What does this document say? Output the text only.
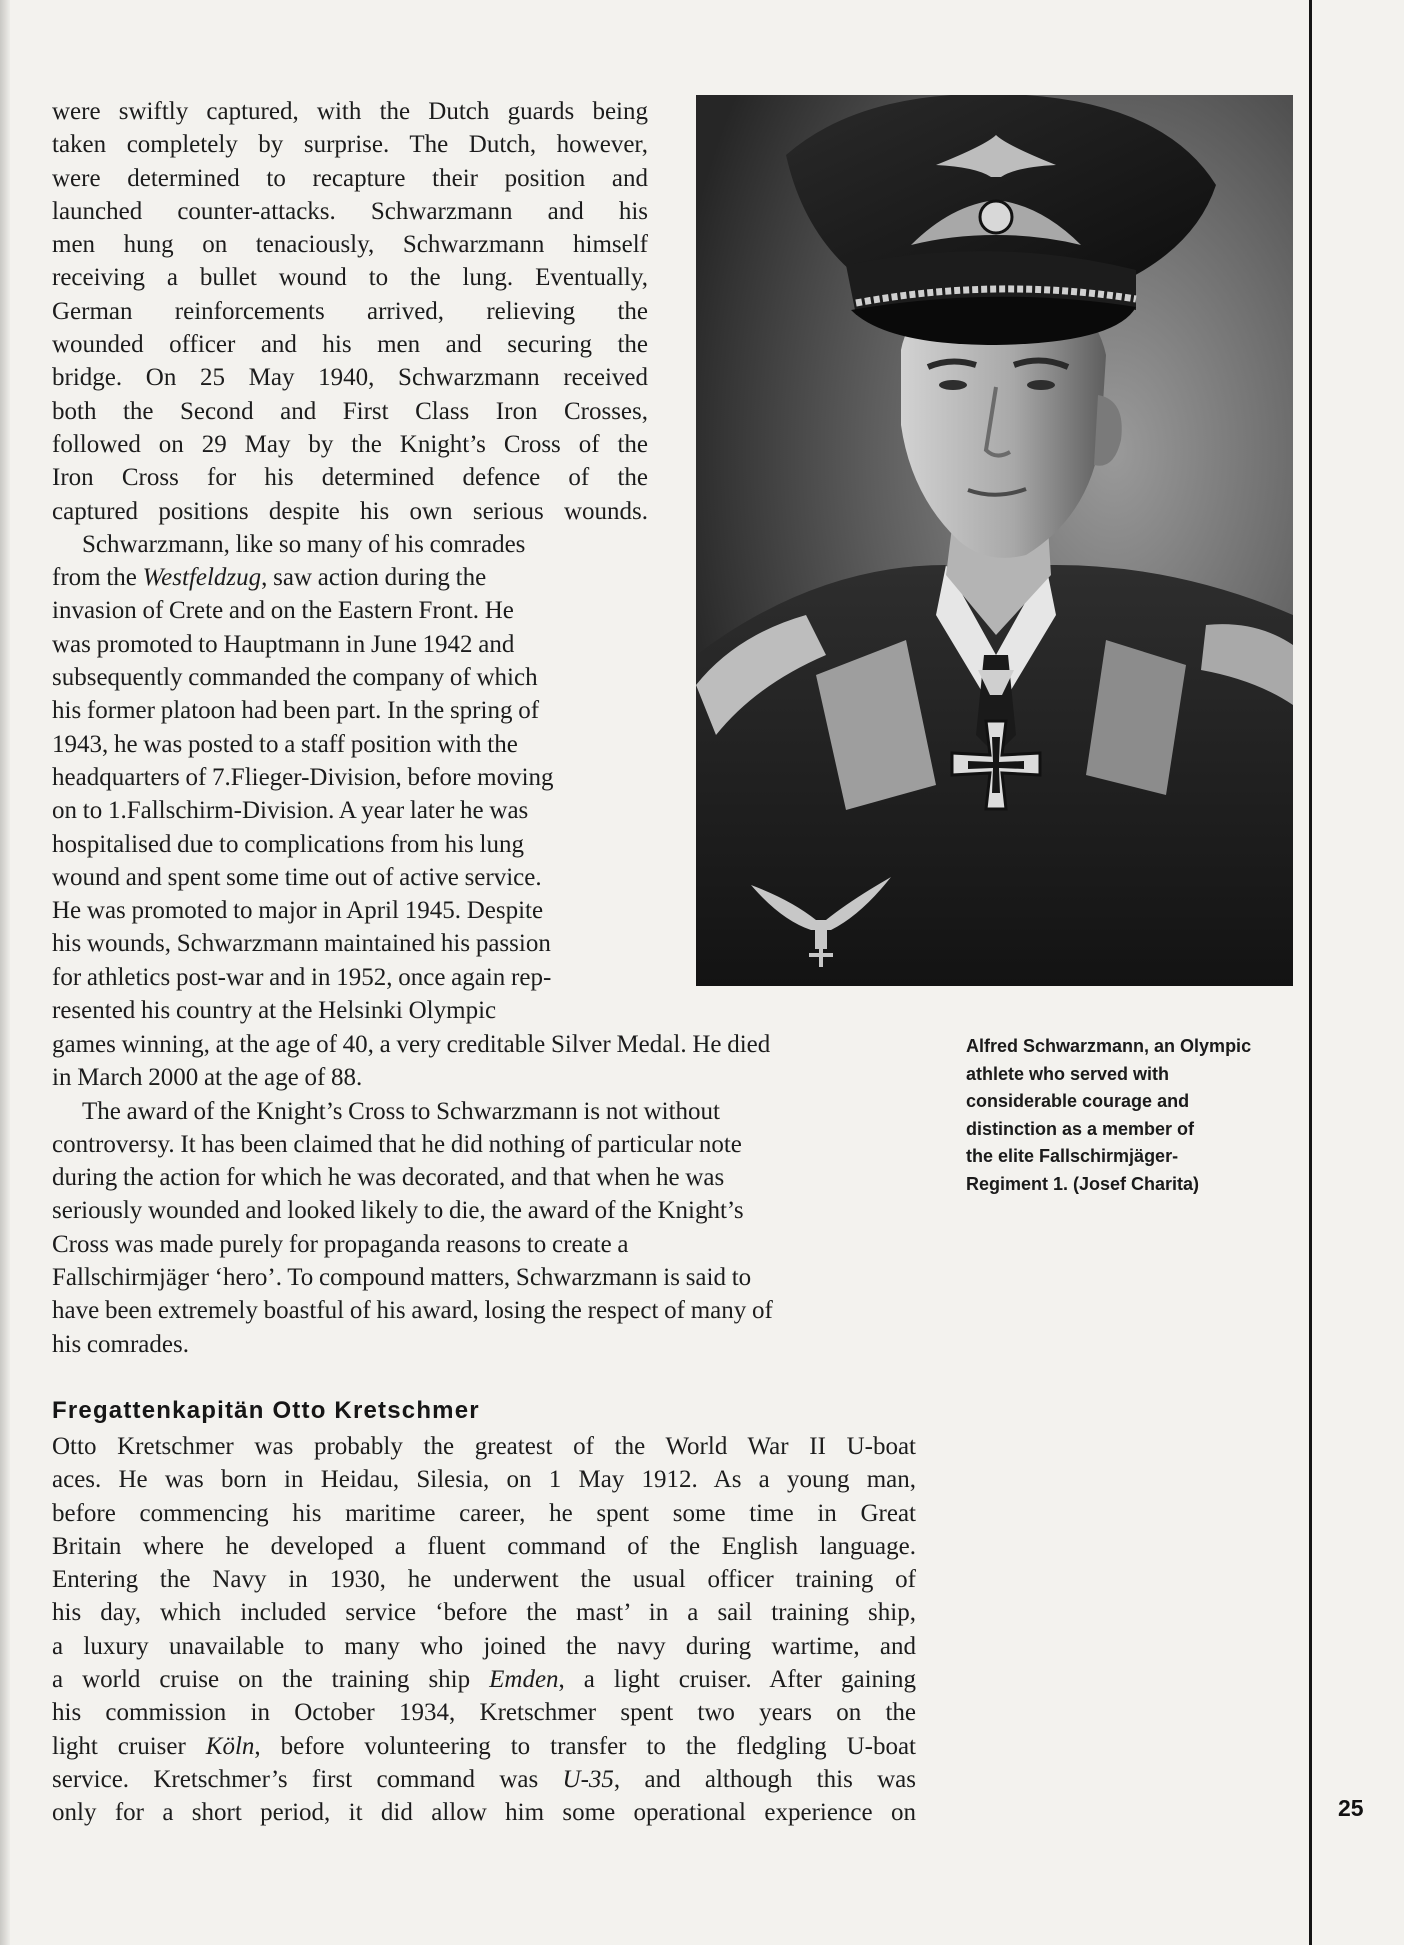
were swiftly captured, with the Dutch guards being
taken completely by surprise. The Dutch, however,
were determined to recapture their position and
launched counter-attacks. Schwarzmann and his
men hung on tenaciously, Schwarzmann himself
receiving a bullet wound to the lung. Eventually,
German reinforcements arrived, relieving the
wounded officer and his men and securing the
bridge. On 25 May 1940, Schwarzmann received
both the Second and First Class Iron Crosses,
followed on 29 May by the Knight’s Cross of the
Iron Cross for his determined defence of the
captured positions despite his own serious wounds.

Schwarzmann, like so many of his comrades
from the Westfeldzug, saw action during the
invasion of Crete and on the Eastern Front. He
was promoted to Hauptmann in June 1942 and
subsequently commanded the company of which
his former platoon had been part. In the spring of
1943, he was posted to a staff position with the
headquarters of 7.Flieger-Division, before moving
on to 1.Fallschirm-Division. A year later he was
hospitalised due to complications from his lung
wound and spent some time out of active service.
He was promoted to major in April 1945. Despite
his wounds, Schwarzmann maintained his passion
for athletics post-war and in 1952, once again rep-
resented his country at the Helsinki Olympic

games winning, at the age of 40, a very creditable Silver Medal. He died
in March 2000 at the age of 88.

The award of the Knight’s Cross to Schwarzmann is not without
controversy. It has been claimed that he did nothing of particular note
during the action for which he was decorated, and that when he was
seriously wounded and looked likely to die, the award of the Knight’s
Cross was made purely for propaganda reasons to create a
Fallschirmjäger ‘hero’. To compound matters, Schwarzmann is said to
have been extremely boastful of his award, losing the respect of many of
his comrades.

Alfred Schwarzmann, an Olympic
athlete who served with
considerable courage and
distinction as a member of
the elite Fallschirmjäger-
Regiment 1. (Josef Charita)

Fregattenkapitän Otto Kretschmer

Otto Kretschmer was probably the greatest of the World War II U-boat
aces. He was born in Heidau, Silesia, on 1 May 1912. As a young man,
before commencing his maritime career, he spent some time in Great
Britain where he developed a fluent command of the English language.
Entering the Navy in 1930, he underwent the usual officer training of
his day, which included service ‘before the mast’ in a sail training ship,
a luxury unavailable to many who joined the navy during wartime, and
a world cruise on the training ship Emden, a light cruiser. After gaining
his commission in October 1934, Kretschmer spent two years on the
light cruiser Köln, before volunteering to transfer to the fledgling U-boat
service. Kretschmer’s first command was U-35, and although this was
only for a short period, it did allow him some operational experience on	25
